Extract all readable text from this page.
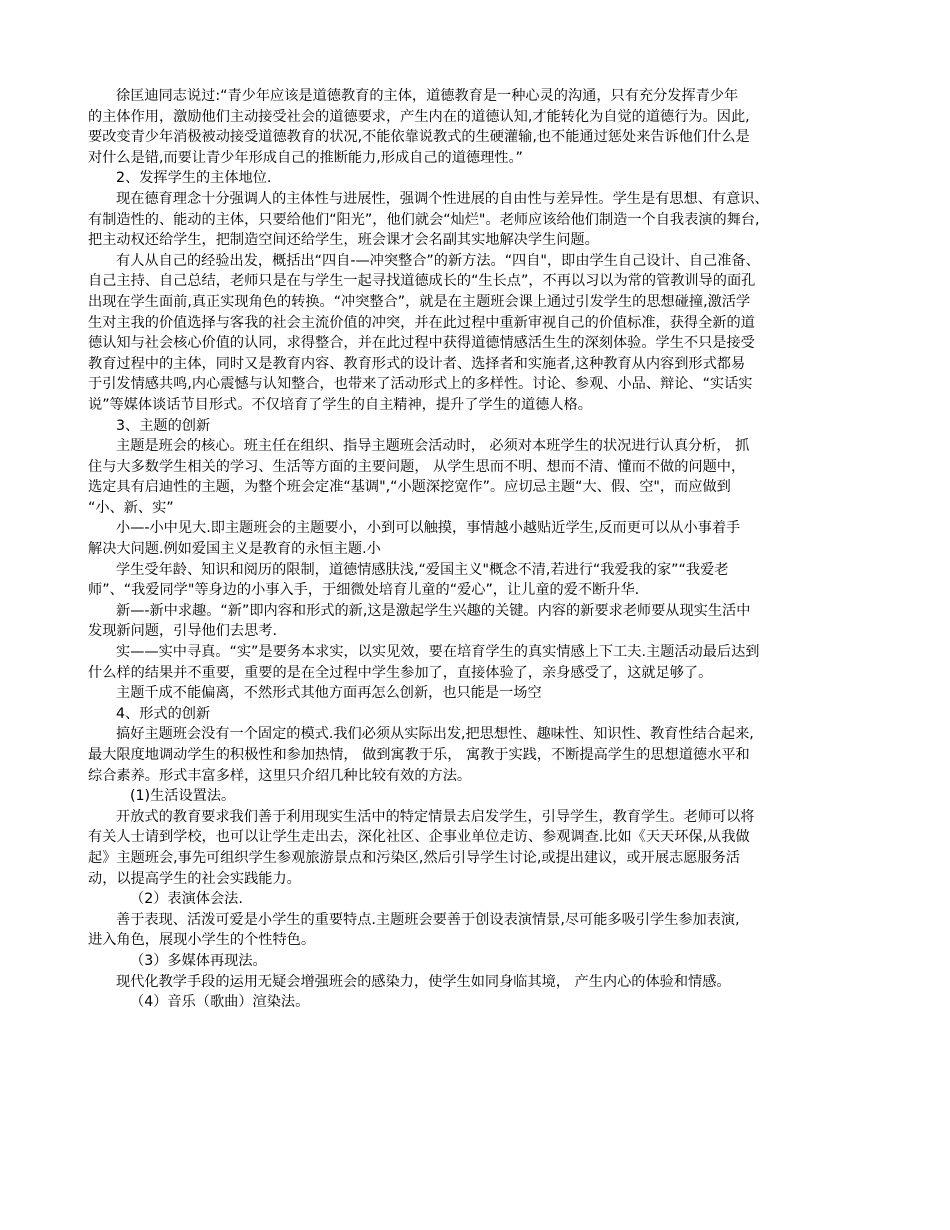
徐匡迪同志说过:“青少年应该是道德教育的主体，道德教育是一种心灵的沟通，只有充分发挥青少年
的主体作用，激励他们主动接受社会的道德要求，产生内在的道德认知,才能转化为自觉的道德行为。因此,
要改变青少年消极被动接受道德教育的状况,不能依靠说教式的生硬灌输,也不能通过惩处来告诉他们什么是
对什么是错,而要让青少年形成自己的推断能力,形成自己的道德理性。”
2、发挥学生的主体地位.
现在德育理念十分强调人的主体性与进展性，强调个性进展的自由性与差异性。学生是有思想、有意识、
有制造性的、能动的主体，只要给他们“阳光”，他们就会“灿烂"。老师应该给他们制造一个自我表演的舞台,
把主动权还给学生，把制造空间还给学生，班会课才会名副其实地解决学生问题。
有人从自己的经验出发，概括出“四自-—冲突整合”的新方法。“四自"，即由学生自己设计、自己准备、
自己主持、自己总结，老师只是在与学生一起寻找道德成长的“生长点”，不再以习以为常的管教训导的面孔
出现在学生面前,真正实现角色的转换。“冲突整合”，就是在主题班会课上通过引发学生的思想碰撞,激活学
生对主我的价值选择与客我的社会主流价值的冲突，并在此过程中重新审视自己的价值标准，获得全新的道
德认知与社会核心价值的认同，求得整合，并在此过程中获得道德情感活生生的深刻体验。学生不只是接受
教育过程中的主体，同时又是教育内容、教育形式的设计者、选择者和实施者,这种教育从内容到形式都易
于引发情感共鸣,内心震憾与认知整合，也带来了活动形式上的多样性。讨论、参观、小品、辩论、“实话实
说”等媒体谈话节目形式。不仅培育了学生的自主精神，提升了学生的道德人格。
3、主题的创新
主题是班会的核心。班主任在组织、指导主题班会活动时， 必须对本班学生的状况进行认真分析， 抓
住与大多数学生相关的学习、生活等方面的主要问题， 从学生思而不明、想而不清、懂而不做的问题中，
选定具有启迪性的主题，为整个班会定准“基调",“小题深挖宽作”。应切忌主题“大、假、空"，而应做到
“小、新、实”
小—-小中见大.即主题班会的主题要小，小到可以触摸，事情越小越贴近学生,反而更可以从小事着手
解决大问题.例如爱国主义是教育的永恒主题.小
学生受年龄、知识和阅历的限制，道德情感肤浅,“爱国主义"概念不清,若进行“我爱我的家”“我爱老
师”、“我爱同学"等身边的小事入手，于细微处培育儿童的“爱心”，让儿童的爱不断升华.
新—-新中求趣。“新”即内容和形式的新,这是激起学生兴趣的关键。内容的新要求老师要从现实生活中
发现新问题，引导他们去思考.
实——实中寻真。“实”是要务本求实，以实见效，要在培育学生的真实情感上下工夫.主题活动最后达到
什么样的结果并不重要，重要的是在全过程中学生参加了，直接体验了，亲身感受了，这就足够了。
主题千成不能偏离，不然形式其他方面再怎么创新，也只能是一场空
4、形式的创新
搞好主题班会没有一个固定的模式.我们必须从实际出发,把思想性、趣味性、知识性、教育性结合起来,
最大限度地调动学生的积极性和参加热情， 做到寓教于乐， 寓教于实践，不断提高学生的思想道德水平和
综合素养。形式丰富多样，这里只介绍几种比较有效的方法。
(1)生活设置法。
开放式的教育要求我们善于利用现实生活中的特定情景去启发学生，引导学生，教育学生。老师可以将
有关人士请到学校，也可以让学生走出去，深化社区、企事业单位走访、参观调查.比如《天天环保,从我做
起》主题班会,事先可组织学生参观旅游景点和污染区,然后引导学生讨论,或提出建议，或开展志愿服务活
动，以提高学生的社会实践能力。
（2）表演体会法.
善于表现、活泼可爱是小学生的重要特点.主题班会要善于创设表演情景,尽可能多吸引学生参加表演,
进入角色，展现小学生的个性特色。
（3）多媒体再现法。
现代化教学手段的运用无疑会增强班会的感染力，使学生如同身临其境， 产生内心的体验和情感。
（4）音乐（歌曲）渲染法。
